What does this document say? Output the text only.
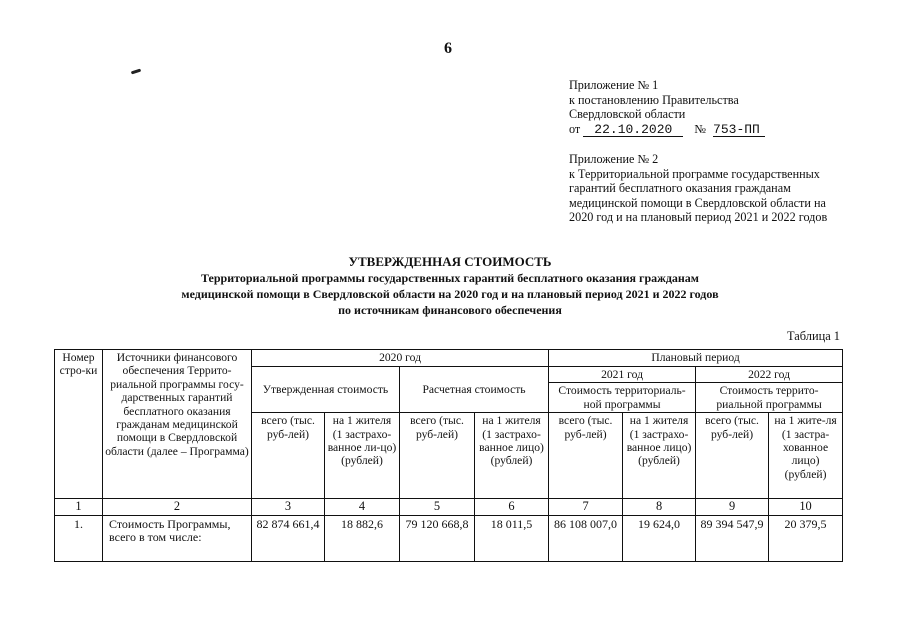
6
Приложение № 1
к постановлению Правительства
Свердловской области
от 22.10.2020 № 753-ПП
Приложение № 2
к Территориальной программе государственных
гарантий бесплатного оказания гражданам
медицинской помощи в Свердловской области на
2020 год и на плановый период 2021 и 2022 годов
УТВЕРЖДЕННАЯ СТОИМОСТЬ
Территориальной программы государственных гарантий бесплатного оказания гражданам
медицинской помощи в Свердловской области на 2020 год и на плановый период 2021 и 2022 годов
по источникам финансового обеспечения
Таблица 1
Номер стро-ки	Источники финансового обеспечения Террито-риальной программы госу-дарственных гарантий бесплатного оказания гражданам медицинской помощи в Свердловской области (далее – Программа)	2020 год				Плановый период			
		Утвержденная стоимость		Расчетная стоимость		2021 год		2022 год	
						Стоимость территориаль-ной программы		Стоимость террито-риальной программы	
		всего (тыс. руб-лей)	на 1 жителя (1 застрахо-ванное ли-цо) (рублей)	всего (тыс. руб-лей)	на 1 жителя (1 застрахо-ванное лицо) (рублей)	всего (тыс. руб-лей)	на 1 жителя (1 застрахо-ванное лицо) (рублей)	всего (тыс. руб-лей)	на 1 жите-ля (1 застра-хованное лицо) (рублей)
1	2	3	4	5	6	7	8	9	10
1.	Стоимость Программы, всего в том числе:	82 874 661,4	18 882,6	79 120 668,8	18 011,5	86 108 007,0	19 624,0	89 394 547,9	20 379,5
